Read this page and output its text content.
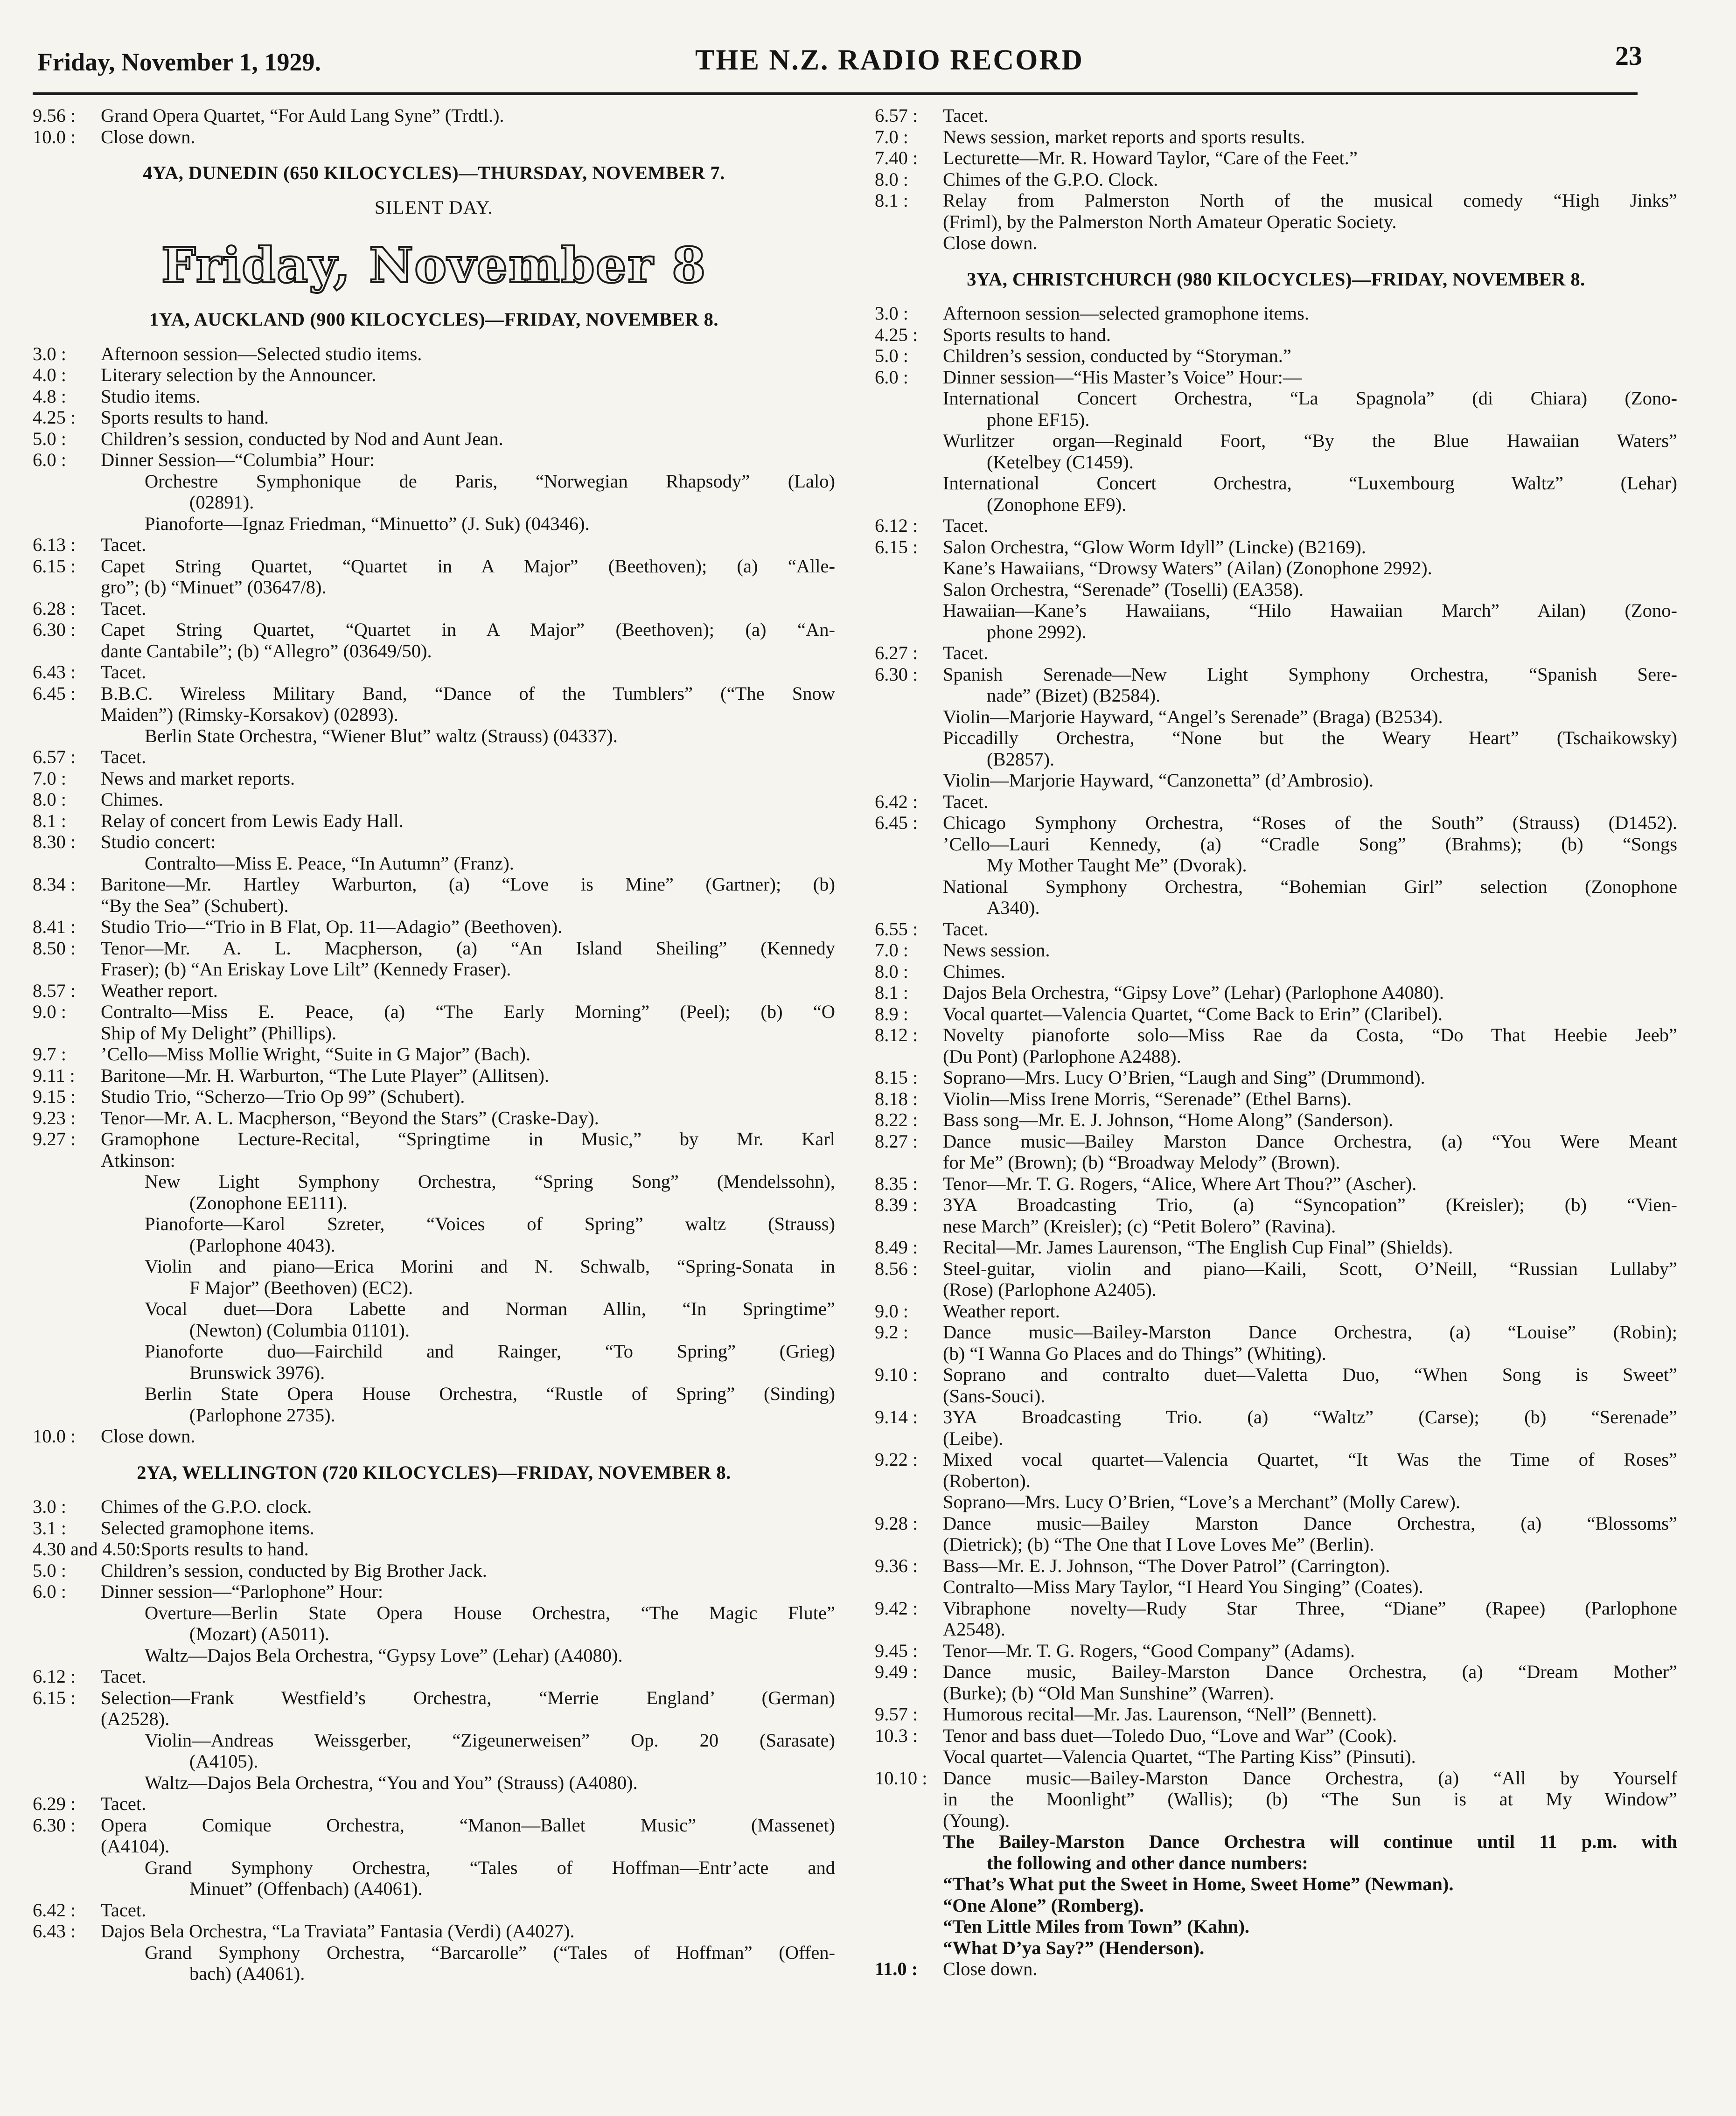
Friday, November 1, 1929.	THE N.Z. RADIO RECORD	23
9.56 :	Grand Opera Quartet, “For Auld Lang Syne” (Trdtl.).
10.0 :	Close down.
4YA, DUNEDIN (650 KILOCYCLES)—THURSDAY, NOVEMBER 7.
SILENT DAY.
Friday, November 8
1YA, AUCKLAND (900 KILOCYCLES)—FRIDAY, NOVEMBER 8.
3.0 :	Afternoon session—Selected studio items.
4.0 :	Literary selection by the Announcer.
4.8 :	Studio items.
4.25 :	Sports results to hand.
5.0 :	Children’s session, conducted by Nod and Aunt Jean.
6.0 :	Dinner Session—“Columbia” Hour:
Orchestre Symphonique de Paris, “Norwegian Rhapsody” (Lalo)
(02891).
Pianoforte—Ignaz Friedman, “Minuetto” (J. Suk) (04346).
6.13 :	Tacet.
6.15 :	Capet String Quartet, “Quartet in A Major” (Beethoven); (a) “Alle-
gro”; (b) “Minuet” (03647/8).
6.28 :	Tacet.
6.30 :	Capet String Quartet, “Quartet in A Major” (Beethoven); (a) “An-
dante Cantabile”; (b) “Allegro” (03649/50).
6.43 :	Tacet.
6.45 :	B.B.C. Wireless Military Band, “Dance of the Tumblers” (“The Snow
Maiden”) (Rimsky-Korsakov) (02893).
Berlin State Orchestra, “Wiener Blut” waltz (Strauss) (04337).
6.57 :	Tacet.
7.0 :	News and market reports.
8.0 :	Chimes.
8.1 :	Relay of concert from Lewis Eady Hall.
8.30 :	Studio concert:
Contralto—Miss E. Peace, “In Autumn” (Franz).
8.34 :	Baritone—Mr. Hartley Warburton, (a) “Love is Mine” (Gartner); (b)
“By the Sea” (Schubert).
8.41 :	Studio Trio—“Trio in B Flat, Op. 11—Adagio” (Beethoven).
8.50 :	Tenor—Mr. A. L. Macpherson, (a) “An Island Sheiling” (Kennedy
Fraser); (b) “An Eriskay Love Lilt” (Kennedy Fraser).
8.57 :	Weather report.
9.0 :	Contralto—Miss E. Peace, (a) “The Early Morning” (Peel); (b) “O
Ship of My Delight” (Phillips).
9.7 :	’Cello—Miss Mollie Wright, “Suite in G Major” (Bach).
9.11 :	Baritone—Mr. H. Warburton, “The Lute Player” (Allitsen).
9.15 :	Studio Trio, “Scherzo—Trio Op 99” (Schubert).
9.23 :	Tenor—Mr. A. L. Macpherson, “Beyond the Stars” (Craske-Day).
9.27 :	Gramophone Lecture-Recital, “Springtime in Music,” by Mr. Karl
Atkinson:
New Light Symphony Orchestra, “Spring Song” (Mendelssohn),
(Zonophone EE111).
Pianoforte—Karol Szreter, “Voices of Spring” waltz (Strauss)
(Parlophone 4043).
Violin and piano—Erica Morini and N. Schwalb, “Spring-Sonata in
F Major” (Beethoven) (EC2).
Vocal duet—Dora Labette and Norman Allin, “In Springtime”
(Newton) (Columbia 01101).
Pianoforte duo—Fairchild and Rainger, “To Spring” (Grieg)
Brunswick 3976).
Berlin State Opera House Orchestra, “Rustle of Spring” (Sinding)
(Parlophone 2735).
10.0 :	Close down.
2YA, WELLINGTON (720 KILOCYCLES)—FRIDAY, NOVEMBER 8.
3.0 :	Chimes of the G.P.O. clock.
3.1 :	Selected gramophone items.
4.30 and 4.50: Sports results to hand.
5.0 :	Children’s session, conducted by Big Brother Jack.
6.0 :	Dinner session—“Parlophone” Hour:
Overture—Berlin State Opera House Orchestra, “The Magic Flute”
(Mozart) (A5011).
Waltz—Dajos Bela Orchestra, “Gypsy Love” (Lehar) (A4080).
6.12 :	Tacet.
6.15 :	Selection—Frank Westfield’s Orchestra, “Merrie England’ (German)
(A2528).
Violin—Andreas Weissgerber, “Zigeunerweisen” Op. 20 (Sarasate)
(A4105).
Waltz—Dajos Bela Orchestra, “You and You” (Strauss) (A4080).
6.29 :	Tacet.
6.30 :	Opera Comique Orchestra, “Manon—Ballet Music” (Massenet)
(A4104).
Grand Symphony Orchestra, “Tales of Hoffman—Entr’acte and
Minuet” (Offenbach) (A4061).
6.42 :	Tacet.
6.43 :	Dajos Bela Orchestra, “La Traviata” Fantasia (Verdi) (A4027).
Grand Symphony Orchestra, “Barcarolle” (“Tales of Hoffman” (Offen-
bach) (A4061).
6.57 :	Tacet.
7.0 :	News session, market reports and sports results.
7.40 :	Lecturette—Mr. R. Howard Taylor, “Care of the Feet.”
8.0 :	Chimes of the G.P.O. Clock.
8.1 :	Relay from Palmerston North of the musical comedy “High Jinks”
(Friml), by the Palmerston North Amateur Operatic Society.
Close down.
3YA, CHRISTCHURCH (980 KILOCYCLES)—FRIDAY, NOVEMBER 8.
3.0 :	Afternoon session—selected gramophone items.
4.25 :	Sports results to hand.
5.0 :	Children’s session, conducted by “Storyman.”
6.0 :	Dinner session—“His Master’s Voice” Hour:—
International Concert Orchestra, “La Spagnola” (di Chiara) (Zono-
phone EF15).
Wurlitzer organ—Reginald Foort, “By the Blue Hawaiian Waters”
(Ketelbey (C1459).
International Concert Orchestra, “Luxembourg Waltz” (Lehar)
(Zonophone EF9).
6.12 :	Tacet.
6.15 :	Salon Orchestra, “Glow Worm Idyll” (Lincke) (B2169).
Kane’s Hawaiians, “Drowsy Waters” (Ailan) (Zonophone 2992).
Salon Orchestra, “Serenade” (Toselli) (EA358).
Hawaiian—Kane’s Hawaiians, “Hilo Hawaiian March” Ailan) (Zono-
phone 2992).
6.27 :	Tacet.
6.30 :	Spanish Serenade—New Light Symphony Orchestra, “Spanish Sere-
nade” (Bizet) (B2584).
Violin—Marjorie Hayward, “Angel’s Serenade” (Braga) (B2534).
Piccadilly Orchestra, “None but the Weary Heart” (Tschaikowsky)
(B2857).
Violin—Marjorie Hayward, “Canzonetta” (d’Ambrosio).
6.42 :	Tacet.
6.45 :	Chicago Symphony Orchestra, “Roses of the South” (Strauss) (D1452).
’Cello—Lauri Kennedy, (a) “Cradle Song” (Brahms); (b) “Songs
My Mother Taught Me” (Dvorak).
National Symphony Orchestra, “Bohemian Girl” selection (Zonophone
A340).
6.55 :	Tacet.
7.0 :	News session.
8.0 :	Chimes.
8.1 :	Dajos Bela Orchestra, “Gipsy Love” (Lehar) (Parlophone A4080).
8.9 :	Vocal quartet—Valencia Quartet, “Come Back to Erin” (Claribel).
8.12 :	Novelty pianoforte solo—Miss Rae da Costa, “Do That Heebie Jeeb”
(Du Pont) (Parlophone A2488).
8.15 :	Soprano—Mrs. Lucy O’Brien, “Laugh and Sing” (Drummond).
8.18 :	Violin—Miss Irene Morris, “Serenade” (Ethel Barns).
8.22 :	Bass song—Mr. E. J. Johnson, “Home Along” (Sanderson).
8.27 :	Dance music—Bailey Marston Dance Orchestra, (a) “You Were Meant
for Me” (Brown); (b) “Broadway Melody” (Brown).
8.35 :	Tenor—Mr. T. G. Rogers, “Alice, Where Art Thou?” (Ascher).
8.39 :	3YA Broadcasting Trio, (a) “Syncopation” (Kreisler); (b) “Vien-
nese March” (Kreisler); (c) “Petit Bolero” (Ravina).
8.49 :	Recital—Mr. James Laurenson, “The English Cup Final” (Shields).
8.56 :	Steel-guitar, violin and piano—Kaili, Scott, O’Neill, “Russian Lullaby”
(Rose) (Parlophone A2405).
9.0 :	Weather report.
9.2 :	Dance music—Bailey-Marston Dance Orchestra, (a) “Louise” (Robin);
(b) “I Wanna Go Places and do Things” (Whiting).
9.10 :	Soprano and contralto duet—Valetta Duo, “When Song is Sweet”
(Sans-Souci).
9.14 :	3YA Broadcasting Trio. (a) “Waltz” (Carse); (b) “Serenade”
(Leibe).
9.22 :	Mixed vocal quartet—Valencia Quartet, “It Was the Time of Roses”
(Roberton).
Soprano—Mrs. Lucy O’Brien, “Love’s a Merchant” (Molly Carew).
9.28 :	Dance music—Bailey Marston Dance Orchestra, (a) “Blossoms”
(Dietrick); (b) “The One that I Love Loves Me” (Berlin).
9.36 :	Bass—Mr. E. J. Johnson, “The Dover Patrol” (Carrington).
Contralto—Miss Mary Taylor, “I Heard You Singing” (Coates).
9.42 :	Vibraphone novelty—Rudy Star Three, “Diane” (Rapee) (Parlophone
A2548).
9.45 :	Tenor—Mr. T. G. Rogers, “Good Company” (Adams).
9.49 :	Dance music, Bailey-Marston Dance Orchestra, (a) “Dream Mother”
(Burke); (b) “Old Man Sunshine” (Warren).
9.57 :	Humorous recital—Mr. Jas. Laurenson, “Nell” (Bennett).
10.3 :	Tenor and bass duet—Toledo Duo, “Love and War” (Cook).
Vocal quartet—Valencia Quartet, “The Parting Kiss” (Pinsuti).
10.10 : Dance music—Bailey-Marston Dance Orchestra, (a) “All by Yourself
in the Moonlight” (Wallis); (b) “The Sun is at My Window”
(Young).
The Bailey-Marston Dance Orchestra will continue until 11 p.m. with
the following and other dance numbers:
“That’s What put the Sweet in Home, Sweet Home” (Newman).
“One Alone” (Romberg).
“Ten Little Miles from Town” (Kahn).
“What D’ya Say?” (Henderson).
11.0 :	Close down.
